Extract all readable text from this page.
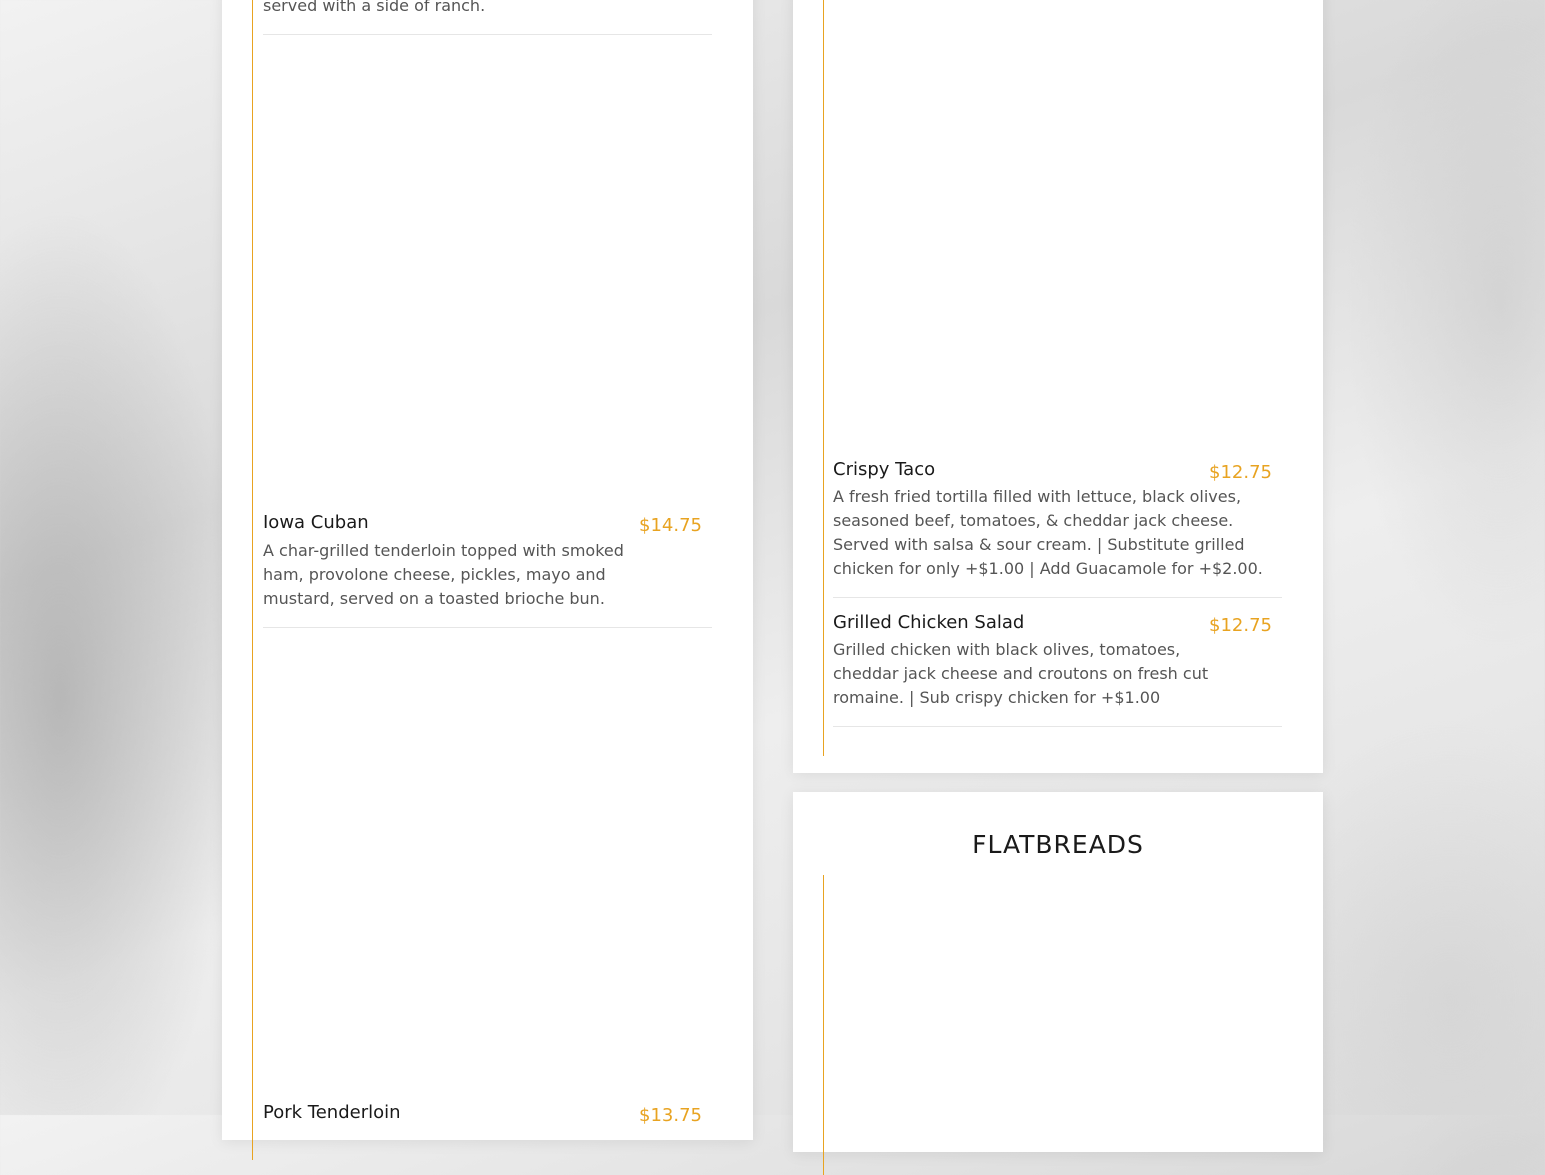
served with a side of ranch.
Iowa Cuban	$14.75
A char-grilled tenderloin topped with smoked ham, provolone cheese, pickles, mayo and mustard, served on a toasted brioche bun.
Pork Tenderloin	$13.75
Crispy Taco	$12.75
A fresh fried tortilla filled with lettuce, black olives, seasoned beef, tomatoes, & cheddar jack cheese. Served with salsa & sour cream. | Substitute grilled chicken for only +$1.00 | Add Guacamole for +$2.00.
Grilled Chicken Salad	$12.75
Grilled chicken with black olives, tomatoes, cheddar jack cheese and croutons on fresh cut romaine. | Sub crispy chicken for +$1.00
FLATBREADS
